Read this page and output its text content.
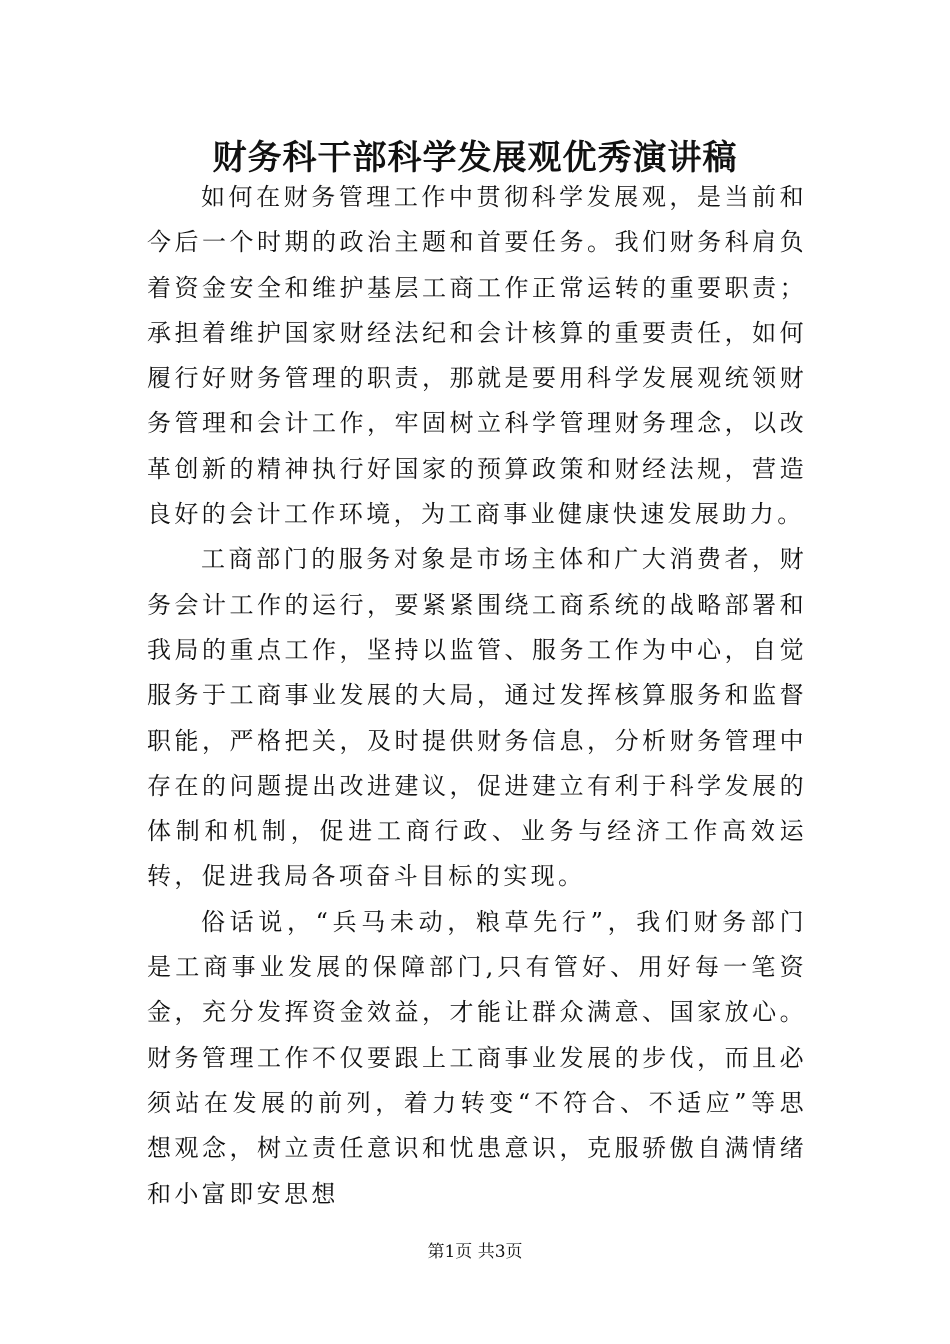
财务科干部科学发展观优秀演讲稿

如何在财务管理工作中贯彻科学发展观，是当前和今后一个时期的政治主题和首要任务。我们财务科肩负着资金安全和维护基层工商工作正常运转的重要职责；承担着维护国家财经法纪和会计核算的重要责任，如何履行好财务管理的职责，那就是要用科学发展观统领财务管理和会计工作，牢固树立科学管理财务理念，以改革创新的精神执行好国家的预算政策和财经法规，营造良好的会计工作环境，为工商事业健康快速发展助力。

工商部门的服务对象是市场主体和广大消费者，财务会计工作的运行，要紧紧围绕工商系统的战略部署和我局的重点工作，坚持以监管、服务工作为中心，自觉服务于工商事业发展的大局，通过发挥核算服务和监督职能，严格把关，及时提供财务信息，分析财务管理中存在的问题提出改进建议，促进建立有利于科学发展的体制和机制，促进工商行政、业务与经济工作高效运转，促进我局各项奋斗目标的实现。

俗话说，“兵马未动，粮草先行”，我们财务部门是工商事业发展的保障部门,只有管好、用好每一笔资金，充分发挥资金效益，才能让群众满意、国家放心。财务管理工作不仅要跟上工商事业发展的步伐，而且必须站在发展的前列，着力转变“不符合、不适应”等思想观念，树立责任意识和忧患意识，克服骄傲自满情绪和小富即安思想

第1页 共3页
